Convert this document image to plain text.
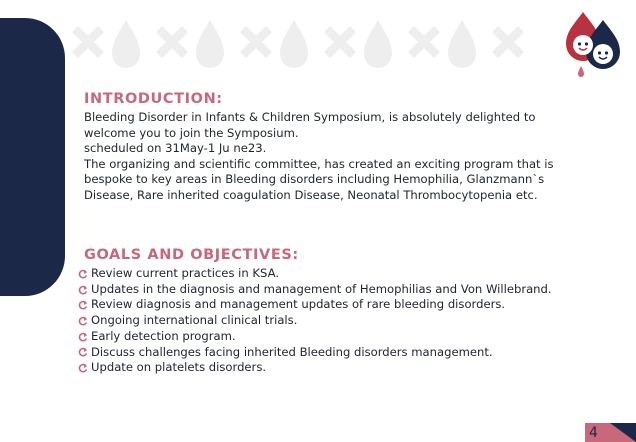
INTRODUCTION:

Bleeding Disorder in Infants & Children Symposium, is absolutely delighted to welcome you to join the Symposium.

scheduled on 31May-1 Ju ne23.

The organizing and scientific committee, has created an exciting program that is bespoke to key areas in Bleeding disorders including Hemophilia, Glanzmann`s Disease, Rare inherited coagulation Disease, Neonatal Thrombocytopenia etc.

GOALS AND OBJECTIVES:
Review current practices in KSA.
Updates in the diagnosis and management of Hemophilias and Von Willebrand.
Review diagnosis and management updates of rare bleeding disorders.
Ongoing international clinical trials.
Early detection program.
Discuss challenges facing inherited Bleeding disorders management.
Update on platelets disorders.
4
